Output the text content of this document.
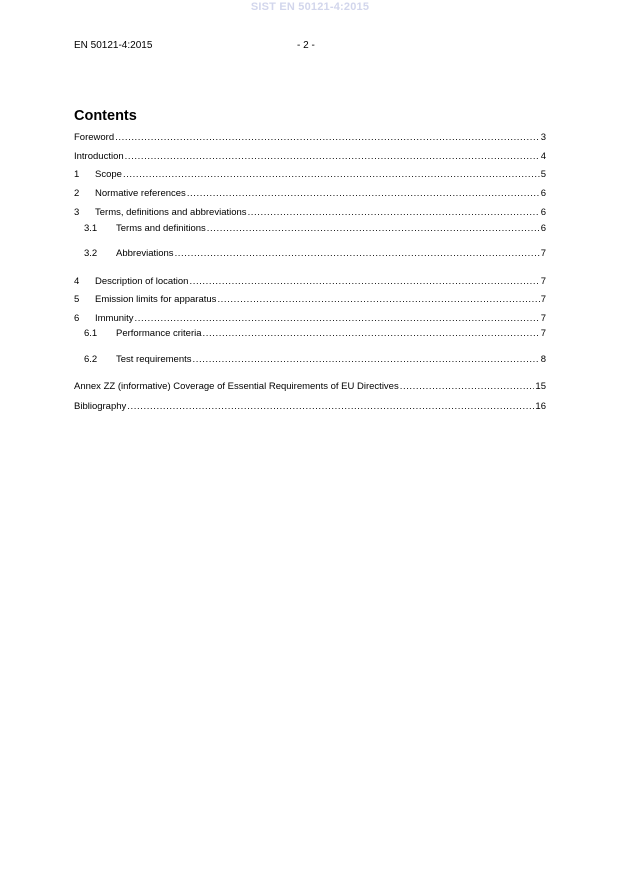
SIST EN 50121-4:2015
EN 50121-4:2015	- 2 -
Contents
Foreword .....	3
Introduction .....	4
1	Scope .....	5
2	Normative references .....	6
3	Terms, definitions and abbreviations .....	6
3.1	Terms and definitions .....	6
3.2	Abbreviations .....	7
4	Description of location .....	7
5	Emission limits for apparatus .....	7
6	Immunity .....	7
6.1	Performance criteria .....	7
6.2	Test requirements .....	8
Annex ZZ (informative) Coverage of Essential Requirements of EU Directives .....	15
Bibliography .....	16
